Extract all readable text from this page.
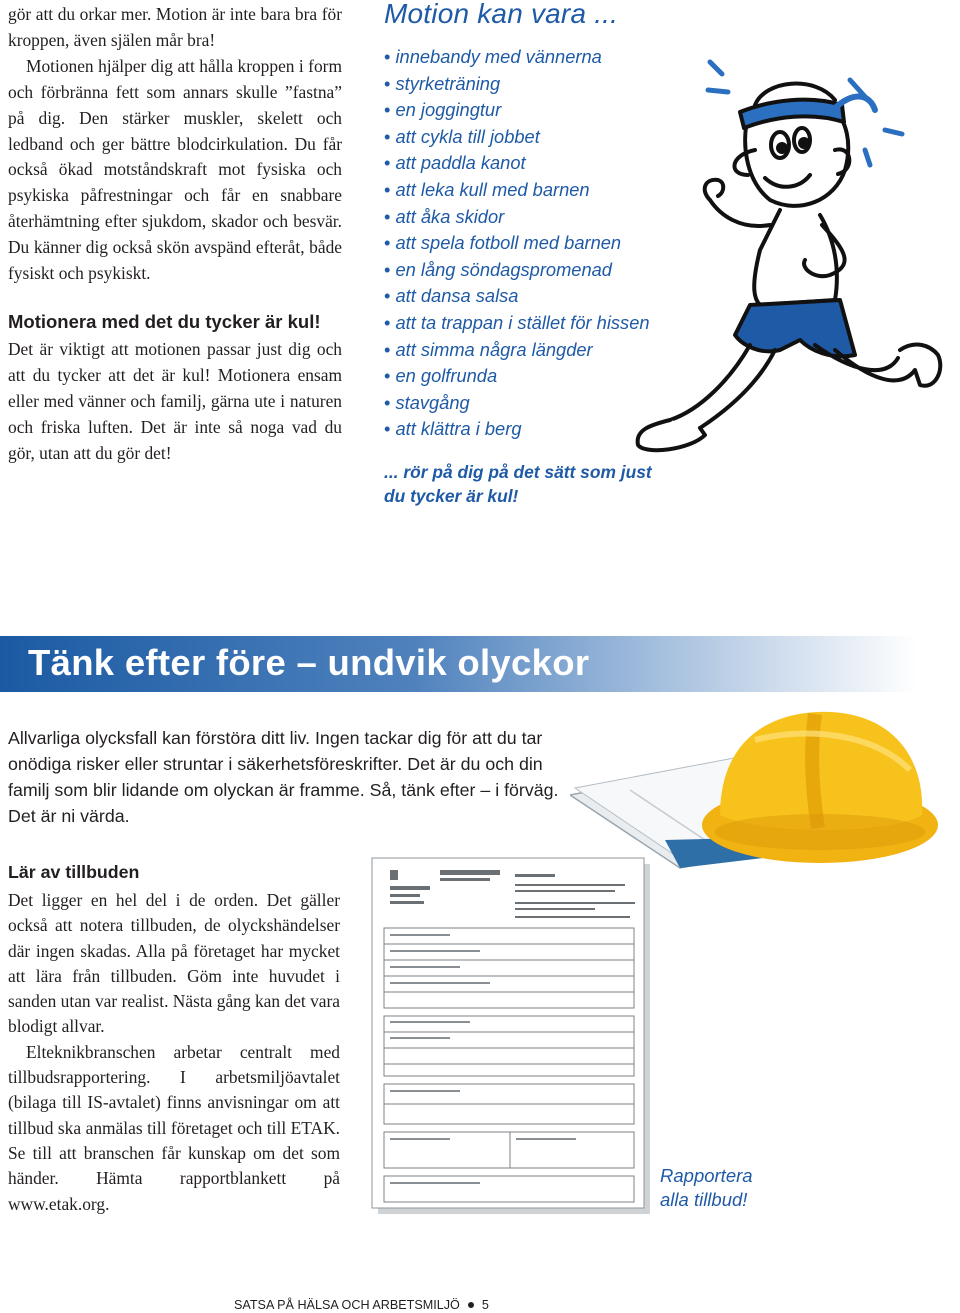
gör att du orkar mer. Motion är inte bara bra för kroppen, även själen mår bra!

Motionen hjälper dig att hålla kroppen i form och förbränna fett som annars skulle ”fastna” på dig. Den stärker muskler, skelett och ledband och ger bättre blodcirkulation. Du får också ökad motståndskraft mot fysiska och psykiska påfrestningar och får en snabbare återhämtning efter sjukdom, skador och besvär. Du känner dig också skön avspänd efteråt, både fysiskt och psykiskt.

Motionera med det du tycker är kul!

Det är viktigt att motionen passar just dig och att du tycker att det är kul! Motionera ensam eller med vänner och familj, gärna ute i naturen och friska luften. Det är inte så noga vad du gör, utan att du gör det!

Motion kan vara ...
• innebandy med vännerna
• styrketräning
• en joggingtur
• att cykla till jobbet
• att paddla kanot
• att leka kull med barnen
• att åka skidor
• att spela fotboll med barnen
• en lång söndagspromenad
• att dansa salsa
• att ta trappan i stället för hissen
• att simma några längder
• en golfrunda
• stavgång
• att klättra i berg
... rör på dig på det sätt som just du tycker är kul!
Tänk efter före – undvik olyckor

Allvarliga olycksfall kan förstöra ditt liv. Ingen tackar dig för att du tar onödiga risker eller struntar i säkerhetsföreskrifter. Det är du och din familj som blir lidande om olyckan är framme. Så, tänk efter – i förväg. Det är ni värda.

Lär av tillbuden

Det ligger en hel del i de orden. Det gäller också att notera tillbuden, de olyckshändelser där ingen skadas. Alla på företaget har mycket att lära från tillbuden. Göm inte huvudet i sanden utan var realist. Nästa gång kan det vara blodigt allvar.

Elteknikbranschen arbetar centralt med tillbudsrapportering. I arbetsmiljöavtalet (bilaga till IS-avtalet) finns anvisningar om att tillbud ska anmälas till företaget och till ETAK. Se till att branschen får kunskap om det som händer. Hämta rapportblankett på www.etak.org.

Rapportera alla tillbud!
SATSA PÅ HÄLSA OCH ARBETSMILJÖ 5
